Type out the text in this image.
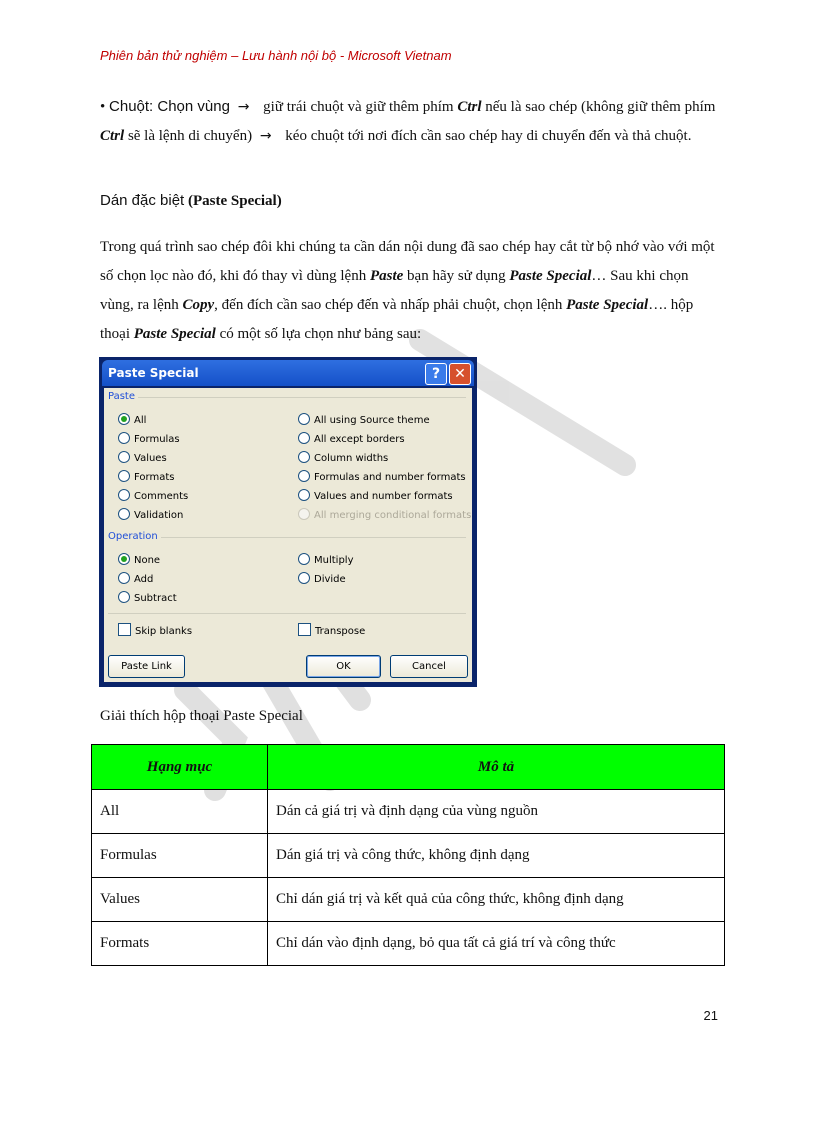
Phiên bản thử nghiệm – Lưu hành nội bộ - Microsoft Vietnam
• Chuột: Chọn vùng → giữ trái chuột và giữ thêm phím Ctrl nếu là sao chép (không giữ thêm phím Ctrl sẽ là lệnh di chuyển) → kéo chuột tới nơi đích cần sao chép hay di chuyển đến và thả chuột.
Dán đặc biệt (Paste Special)
Trong quá trình sao chép đôi khi chúng ta cần dán nội dung đã sao chép hay cắt từ bộ nhớ vào với một số chọn lọc nào đó, khi đó thay vì dùng lệnh Paste bạn hãy sử dụng Paste Special… Sau khi chọn vùng, ra lệnh Copy, đến đích cần sao chép đến và nhấp phải chuột, chọn lệnh Paste Special…. hộp thoại Paste Special có một số lựa chọn như bảng sau:
Paste Special	?	✕
Paste
All
Formulas
Values
Formats
Comments
Validation
All using Source theme
All except borders
Column widths
Formulas and number formats
Values and number formats
All merging conditional formats
Operation
None
Add
Subtract
Multiply
Divide
Skip blanks	Transpose
Paste Link	OK	Cancel
Giải thích hộp thoại Paste Special
Hạng mục	Mô tả
All	Dán cả giá trị và định dạng của vùng nguồn
Formulas	Dán giá trị và công thức, không định dạng
Values	Chỉ dán giá trị và kết quả của công thức, không định dạng
Formats	Chỉ dán vào định dạng, bỏ qua tất cả giá trí và công thức
21
